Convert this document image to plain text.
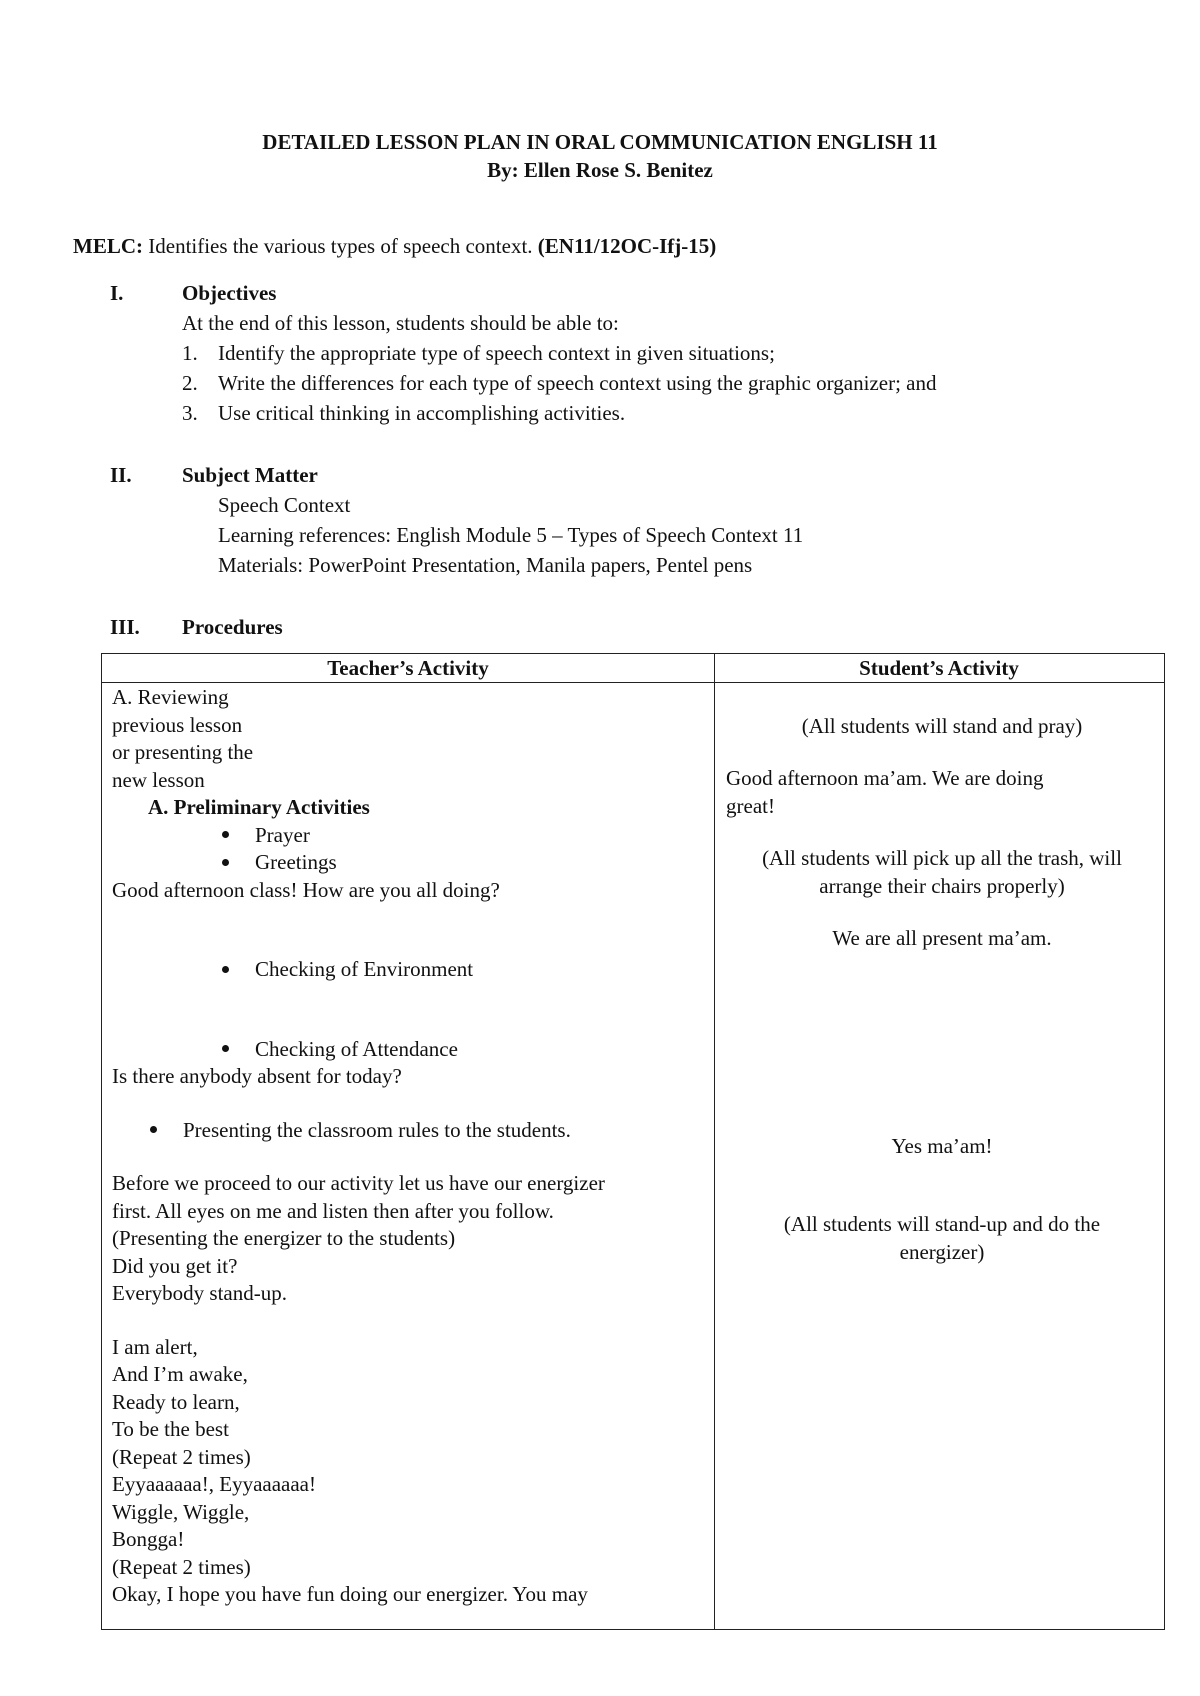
DETAILED LESSON PLAN IN ORAL COMMUNICATION ENGLISH 11
By: Ellen Rose S. Benitez
MELC: Identifies the various types of speech context. (EN11/12OC-Ifj-15)
I.	Objectives
At the end of this lesson, students should be able to:
1. Identify the appropriate type of speech context in given situations;
2. Write the differences for each type of speech context using the graphic organizer; and
3. Use critical thinking in accomplishing activities.
II. Subject Matter
Speech Context
Learning references: English Module 5 – Types of Speech Context 11
Materials: PowerPoint Presentation, Manila papers, Pentel pens
III. Procedures
Teacher’s Activity	Student’s Activity
A. Reviewing
previous lesson
or presenting the
new lesson
A. Preliminary Activities
Prayer
Greetings
Good afternoon class! How are you all doing?
Checking of Environment
Checking of Attendance
Is there anybody absent for today?
Presenting the classroom rules to the students.
Before we proceed to our activity let us have our energizer
first. All eyes on me and listen then after you follow.
(Presenting the energizer to the students)
Did you get it?
Everybody stand-up.
I am alert,
And I’m awake,
Ready to learn,
To be the best
(Repeat 2 times)
Eyyaaaaaa!, Eyyaaaaaa!
Wiggle, Wiggle,
Bongga!
(Repeat 2 times)
Okay, I hope you have fun doing our energizer. You may
(All students will stand and pray)
Good afternoon ma’am. We are doing
great!
(All students will pick up all the trash, will
arrange their chairs properly)
We are all present ma’am.
Yes ma’am!
(All students will stand-up and do the
energizer)
